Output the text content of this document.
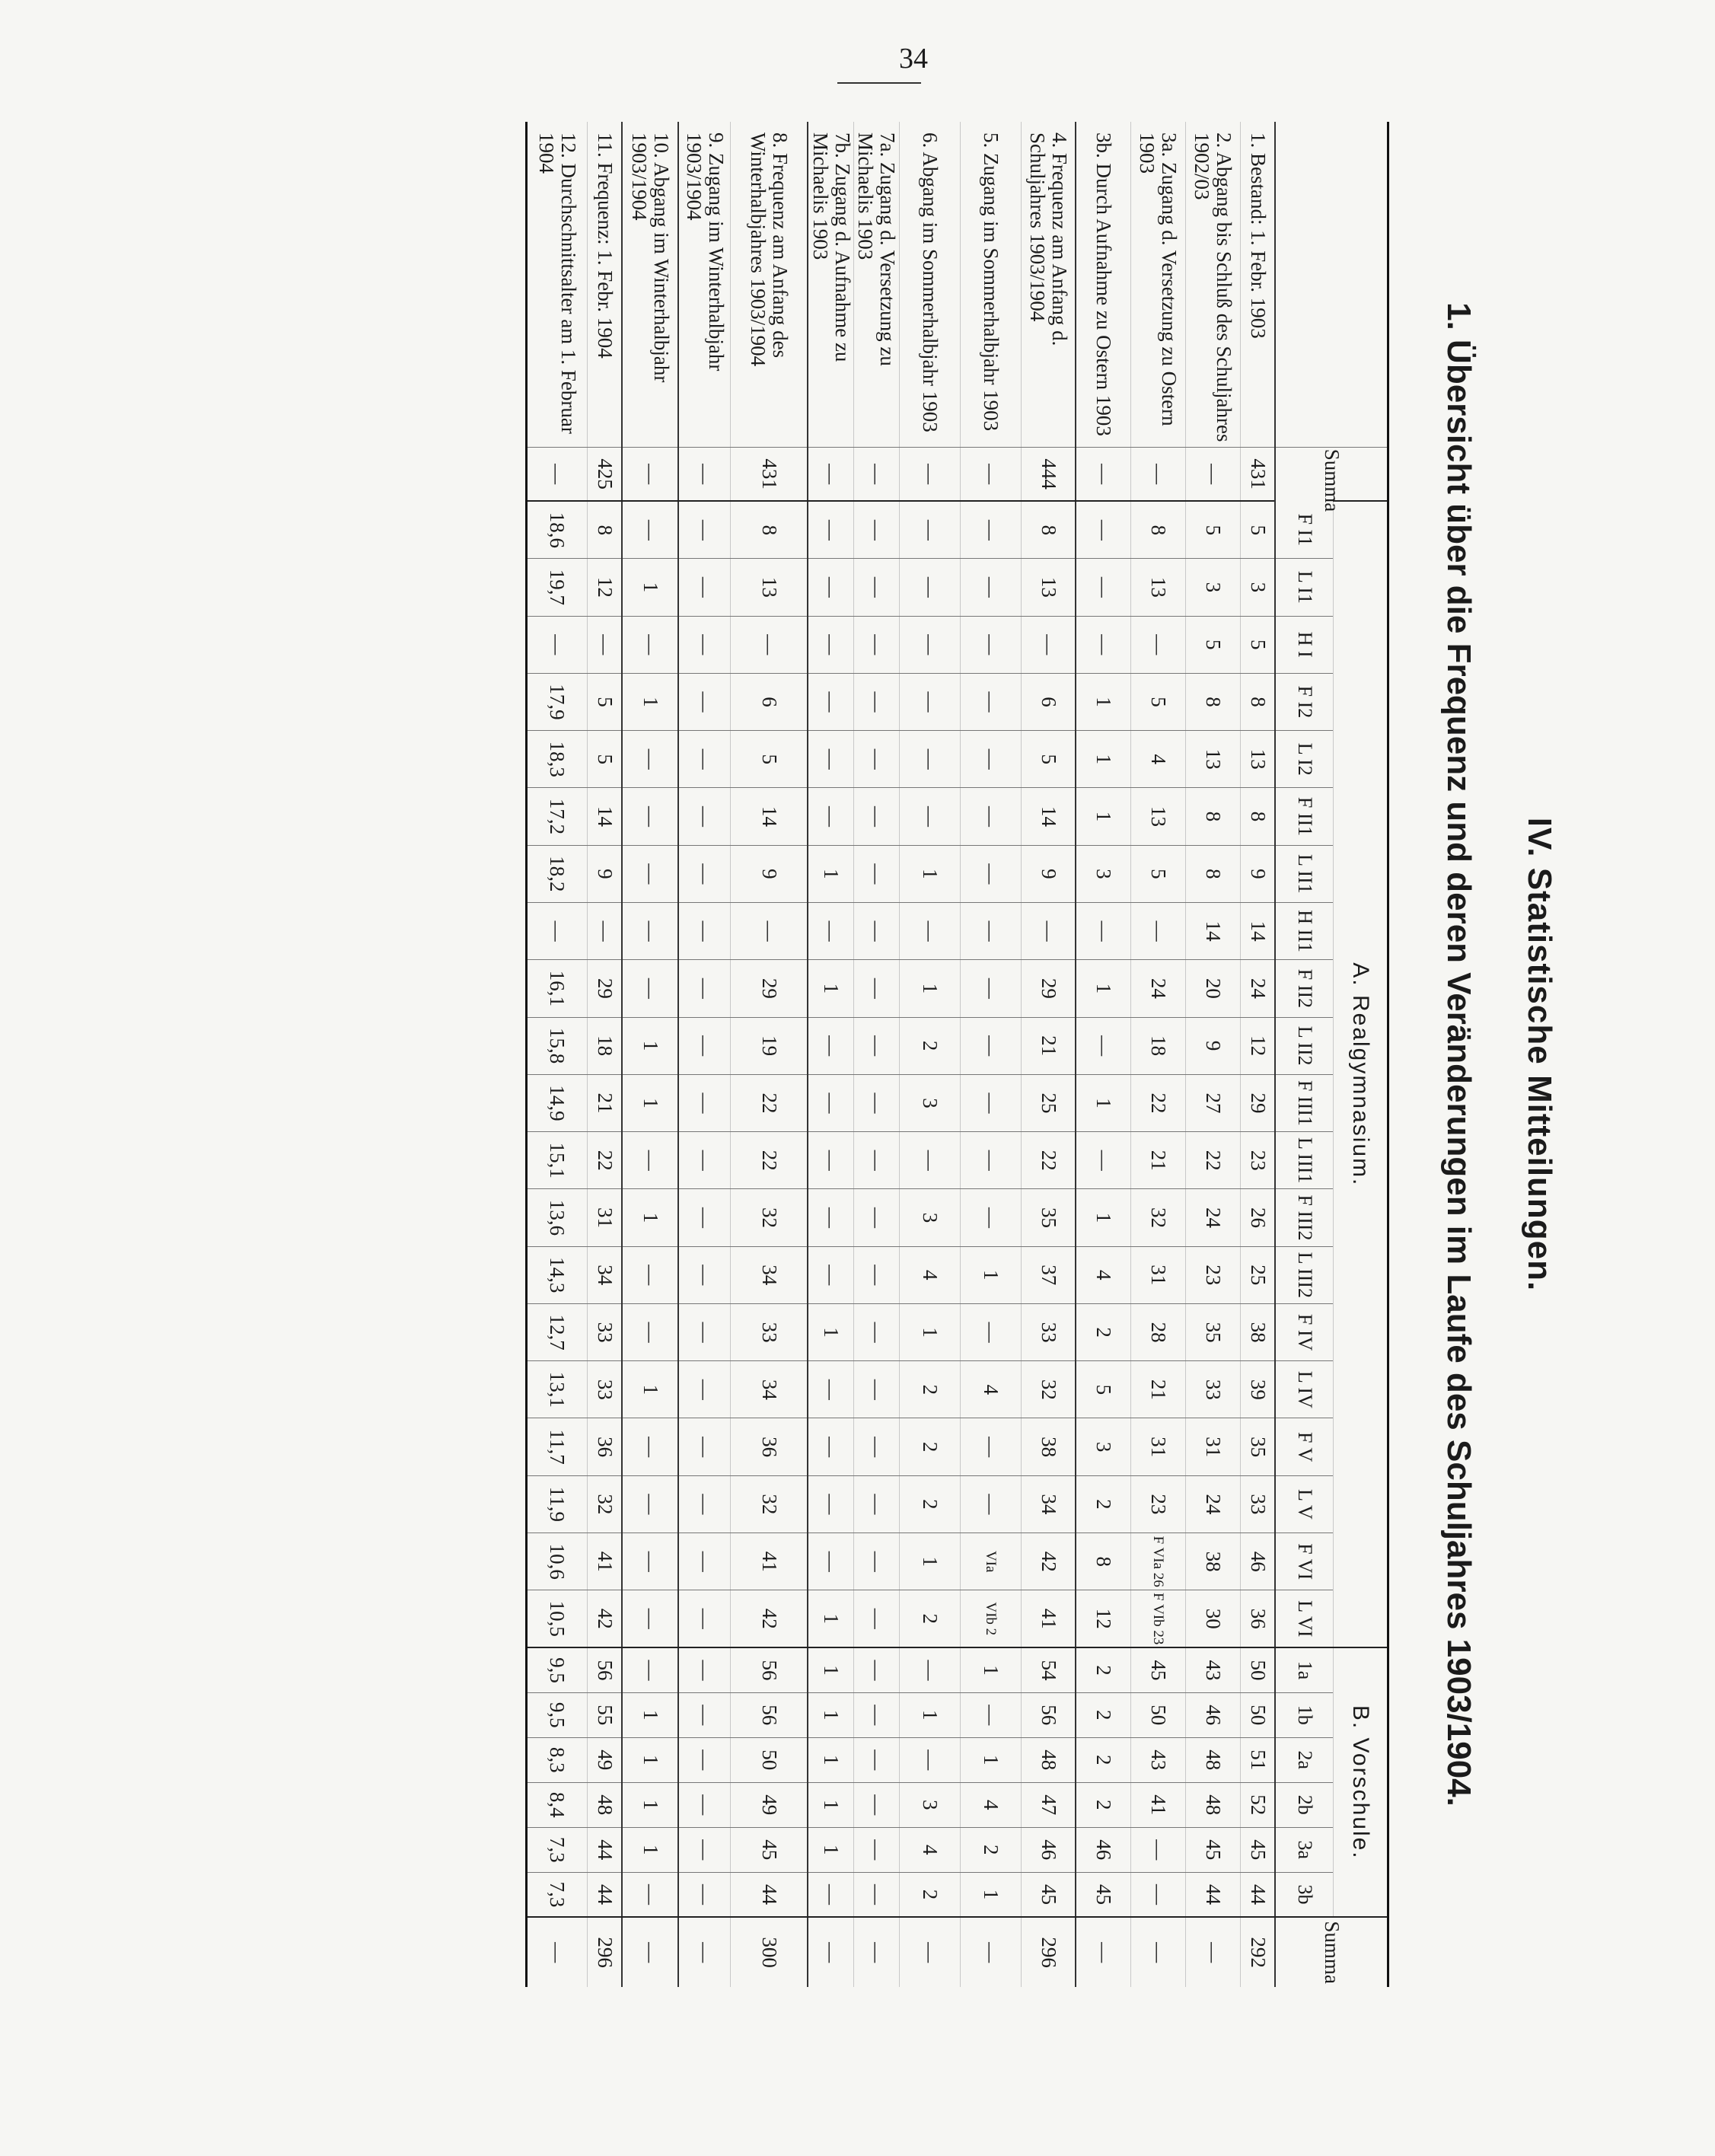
34
IV. Statistische Mitteilungen.
1. Übersicht über die Frequenz und deren Veränderungen im Laufe des Schuljahres 1903/1904.
	Summa	A. Realgymnasium.																				B. Vorschule.						Summa
		F I1	L I1	H I	F I2	L I2	F II1	L II1	H II1	F II2	L II2	F III1	L III1	F III2	L III2	F IV	L IV	F V	L V	F VI	L VI	1a	1b	2a	2b	3a	3b	
1. Bestand: 1. Febr. 1903	431	5	3	5	8	13	8	9	14	24	12	29	23	26	25	38	39	35	33	46	36	50	50	51	52	45	44	292
2. Abgang bis Schluß des Schuljahres 1902/03	—	5	3	5	8	13	8	8	14	20	9	27	22	24	23	35	33	31	24	38	30	43	46	48	48	45	44	—
3a. Zugang d. Versetzung zu Ostern 1903	—	8	13	—	5	4	13	5	—	24	18	22	21	32	31	28	21	31	23	F VIa 26	F VIb 23	45	50	43	41	—	—	—
3b. Durch Aufnahme zu Ostern 1903	—	—	—	—	1	1	1	3	—	1	—	1	—	1	4	2	5	3	2	8	12	2	2	2	2	46	45	—
4. Frequenz am Anfang d. Schuljahres 1903/1904	444	8	13	—	6	5	14	9	—	29	21	25	22	35	37	33	32	38	34	42	41	54	56	48	47	46	45	296
5. Zugang im Sommerhalbjahr 1903	—	—	—	—	—	—	—	—	—	—	—	—	—	—	1	—	4	—	—	VIa	VIb 2	1	—	1	4	2	1	—
6. Abgang im Sommerhalbjahr 1903	—	—	—	—	—	—	—	1	—	1	2	3	—	3	4	1	2	2	2	1	2	—	1	—	3	4	2	—
7a. Zugang d. Versetzung zu Michaelis 1903	—	—	—	—	—	—	—	—	—	—	—	—	—	—	—	—	—	—	—	—	—	—	—	—	—	—	—	—
7b. Zugang d. Aufnahme zu Michaelis 1903	—	—	—	—	—	—	—	1	—	1	—	—	—	—	—	1	—	—	—	—	1	1	1	1	1	1	—	—
8. Frequenz am Anfang des Winterhalbjahres 1903/1904	431	8	13	—	6	5	14	9	—	29	19	22	22	32	34	33	34	36	32	41	42	56	56	50	49	45	44	300
9. Zugang im Winterhalbjahr 1903/1904	—	—	—	—	—	—	—	—	—	—	—	—	—	—	—	—	—	—	—	—	—	—	—	—	—	—	—	—
10. Abgang im Winterhalbjahr 1903/1904	—	—	1	—	1	—	—	—	—	—	1	1	—	1	—	—	1	—	—	—	—	—	1	1	1	1	—	—
11. Frequenz: 1. Febr. 1904	425	8	12	—	5	5	14	9	—	29	18	21	22	31	34	33	33	36	32	41	42	56	55	49	48	44	44	296
12. Durchschnittsalter am 1. Februar 1904	—	18,6	19,7	—	17,9	18,3	17,2	18,2	—	16,1	15,8	14,9	15,1	13,6	14,3	12,7	13,1	11,7	11,9	10,6	10,5	9,5	9,5	8,3	8,4	7,3	7,3	—
